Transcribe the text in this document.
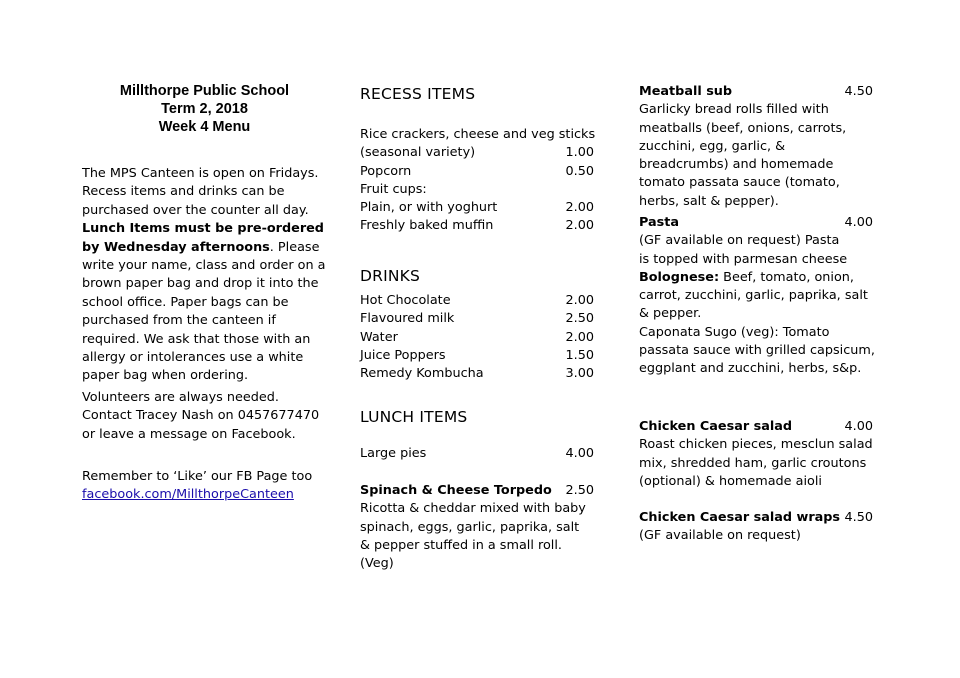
Millthorpe Public School
Term 2, 2018
Week 4 Menu
The MPS Canteen is open on Fridays. Recess items and drinks can be purchased over the counter all day. Lunch Items must be pre-ordered by Wednesday afternoons. Please write your name, class and order on a brown paper bag and drop it into the school office. Paper bags can be purchased from the canteen if required. We ask that those with an allergy or intolerances use a white paper bag when ordering.
Volunteers are always needed. Contact Tracey Nash on 0457677470 or leave a message on Facebook.
Remember to ‘Like’ our FB Page too
facebook.com/MillthorpeCanteen
RECESS ITEMS
Rice crackers, cheese and veg sticks
(seasonal variety)	1.00
Popcorn	0.50
Fruit cups:
Plain, or with yoghurt	2.00
Freshly baked muffin	2.00
DRINKS
Hot Chocolate	2.00
Flavoured milk	2.50
Water	2.00
Juice Poppers	1.50
Remedy Kombucha	3.00
LUNCH ITEMS
Large pies	4.00
Spinach & Cheese Torpedo 2.50
Ricotta & cheddar mixed with baby spinach, eggs, garlic, paprika, salt & pepper stuffed in a small roll. (Veg)
Meatball sub	4.50
Garlicky bread rolls filled with meatballs (beef, onions, carrots, zucchini, egg, garlic, & breadcrumbs) and homemade tomato passata sauce (tomato, herbs, salt & pepper).
Pasta	4.00
(GF available on request) Pasta is topped with parmesan cheese
Bolognese: Beef, tomato, onion, carrot, zucchini, garlic, paprika, salt & pepper.
Caponata Sugo (veg): Tomato passata sauce with grilled capsicum, eggplant and zucchini, herbs, s&p.
Chicken Caesar salad	4.00
Roast chicken pieces, mesclun salad mix, shredded ham, garlic croutons (optional) & homemade aioli
Chicken Caesar salad wraps 4.50
(GF available on request)
